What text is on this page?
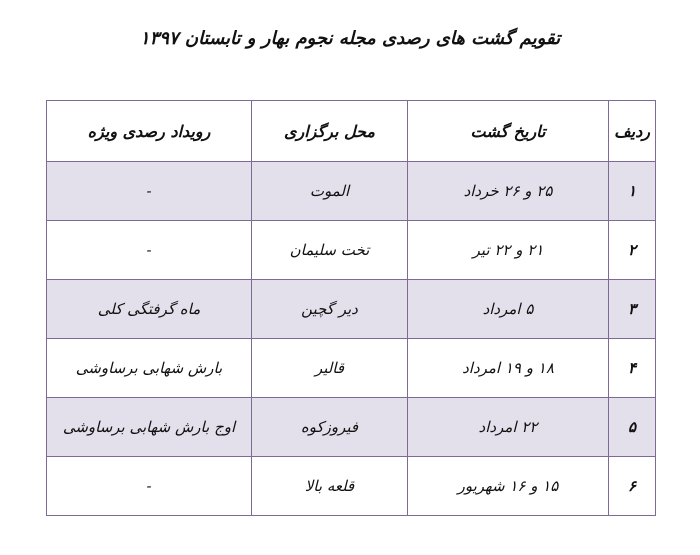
تقویم گشت های رصدی مجله نجوم بهار و تابستان ۱۳۹۷
ردیف	تاریخ گشت	محل برگزاری	رویداد رصدی ویژه
۱	۲۵ و ۲۶ خرداد	الموت	-
۲	۲۱ و ۲۲ تیر	تخت سلیمان	-
۳	۵ امرداد	دیر گچین	ماه گرفتگی کلی
۴	۱۸ و ۱۹ امرداد	قالیر	بارش شهابی برساوشی
۵	۲۲ امرداد	فیروزکوه	اوج بارش شهابی برساوشی
۶	۱۵ و ۱۶ شهریور	قلعه بالا	-
